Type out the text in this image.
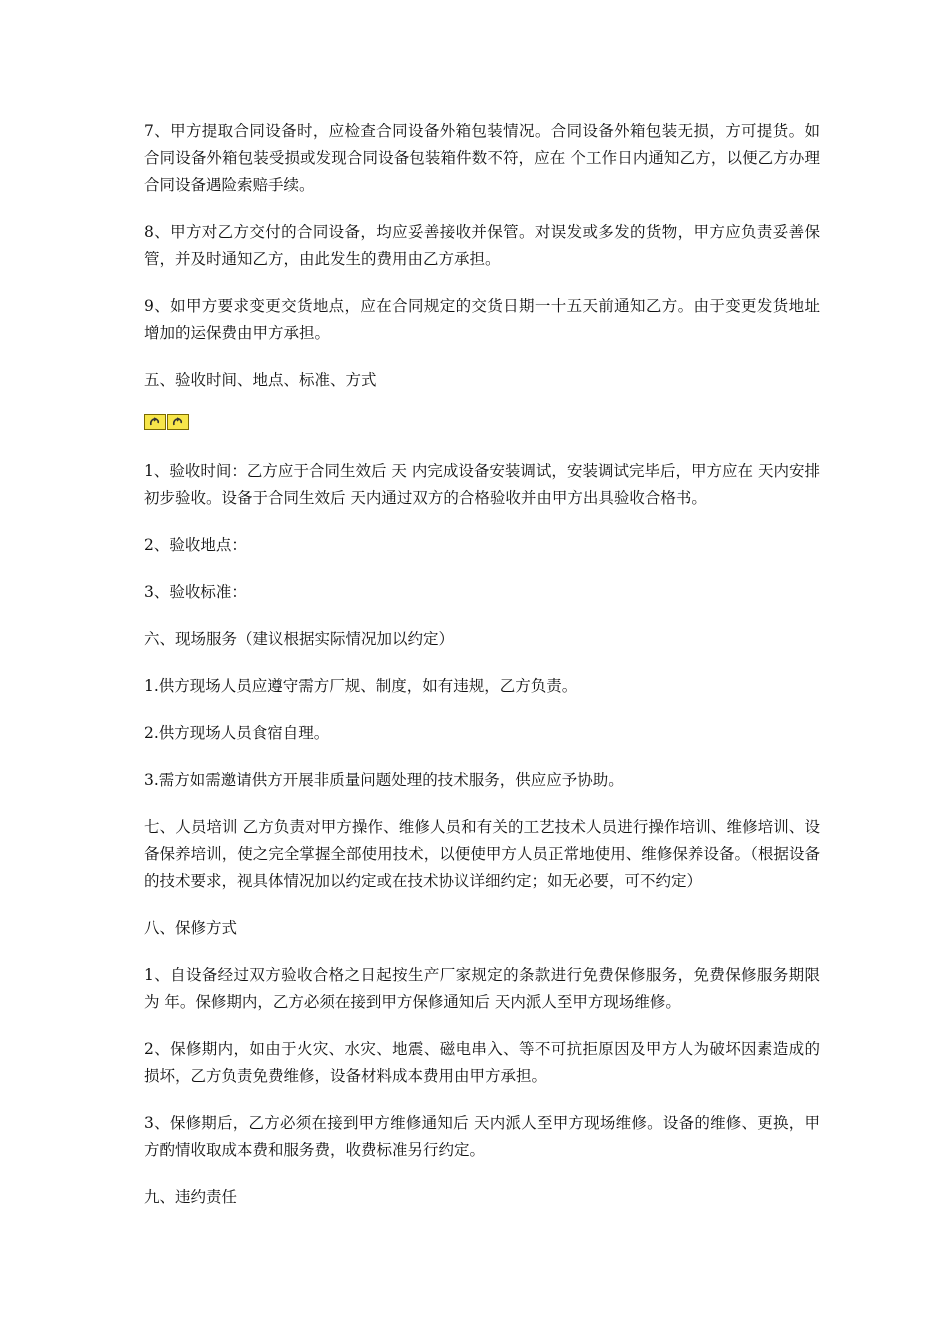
7、甲方提取合同设备时，应检查合同设备外箱包装情况。合同设备外箱包装无损，方可提货。如合同设备外箱包装受损或发现合同设备包装箱件数不符，应在 个工作日内通知乙方，以便乙方办理合同设备遇险索赔手续。

8、甲方对乙方交付的合同设备，均应妥善接收并保管。对误发或多发的货物，甲方应负责妥善保管，并及时通知乙方，由此发生的费用由乙方承担。

9、如甲方要求变更交货地点，应在合同规定的交货日期一十五天前通知乙方。由于变更发货地址增加的运保费由甲方承担。

五、验收时间、地点、标准、方式

1、验收时间：乙方应于合同生效后 天 内完成设备安装调试，安装调试完毕后，甲方应在 天内安排初步验收。设备于合同生效后 天内通过双方的合格验收并由甲方出具验收合格书。

2、验收地点：

3、验收标准：

六、现场服务（建议根据实际情况加以约定）

1.供方现场人员应遵守需方厂规、制度，如有违规，乙方负责。

2.供方现场人员食宿自理。

3.需方如需邀请供方开展非质量问题处理的技术服务，供应应予协助。

七、人员培训 乙方负责对甲方操作、维修人员和有关的工艺技术人员进行操作培训、维修培训、设备保养培训，使之完全掌握全部使用技术，以便使甲方人员正常地使用、维修保养设备。（根据设备的技术要求，视具体情况加以约定或在技术协议详细约定；如无必要，可不约定）

八、保修方式

1、自设备经过双方验收合格之日起按生产厂家规定的条款进行免费保修服务，免费保修服务期限为 年。保修期内，乙方必须在接到甲方保修通知后 天内派人至甲方现场维修。

2、保修期内，如由于火灾、水灾、地震、磁电串入、等不可抗拒原因及甲方人为破坏因素造成的损坏，乙方负责免费维修，设备材料成本费用由甲方承担。

3、保修期后，乙方必须在接到甲方维修通知后 天内派人至甲方现场维修。设备的维修、更换，甲方酌情收取成本费和服务费，收费标准另行约定。

九、违约责任
